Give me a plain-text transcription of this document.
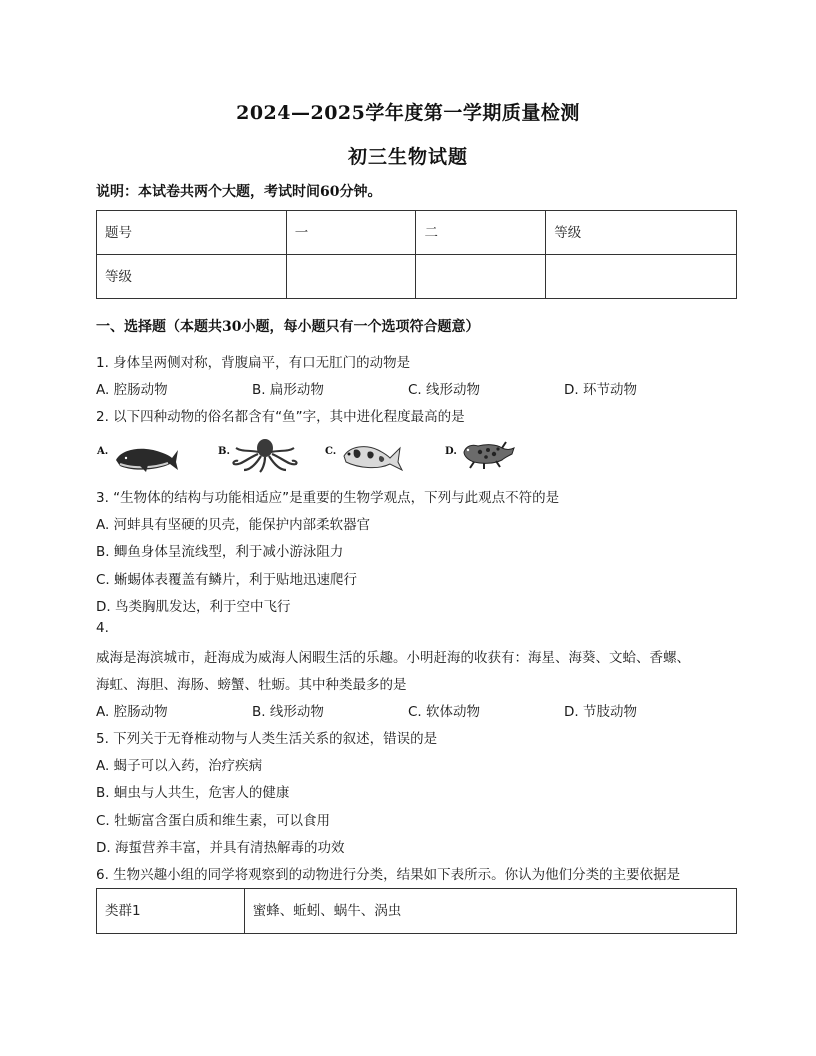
2024—2025学年度第一学期质量检测
初三生物试题
说明：本试卷共两个大题，考试时间60分钟。
题号	一	二	等级
等级			
一、选择题（本题共30小题，每小题只有一个选项符合题意）
1. 身体呈两侧对称，背腹扁平，有口无肛门的动物是
A. 腔肠动物	B. 扁形动物	C. 线形动物	D. 环节动物
2. 以下四种动物的俗名都含有“鱼”字，其中进化程度最高的是
A.	B.	C.	D.
3. “生物体的结构与功能相适应”是重要的生物学观点，下列与此观点不符的是
A. 河蚌具有坚硬的贝壳，能保护内部柔软器官
B. 鲫鱼身体呈流线型，利于减小游泳阻力
C. 蜥蜴体表覆盖有鳞片，利于贴地迅速爬行
D. 鸟类胸肌发达，利于空中飞行
4.
威海是海滨城市，赶海成为威海人闲暇生活的乐趣。小明赶海的收获有：海星、海葵、文蛤、香螺、
海虹、海胆、海肠、螃蟹、牡蛎。其中种类最多的是
A. 腔肠动物	B. 线形动物	C. 软体动物	D. 节肢动物
5. 下列关于无脊椎动物与人类生活关系的叙述，错误的是
A. 蝎子可以入药，治疗疾病
B. 蛔虫与人共生，危害人的健康
C. 牡蛎富含蛋白质和维生素，可以食用
D. 海蜇营养丰富，并具有清热解毒的功效
6. 生物兴趣小组的同学将观察到的动物进行分类，结果如下表所示。你认为他们分类的主要依据是
类群1	蜜蜂、蚯蚓、蜗牛、涡虫
